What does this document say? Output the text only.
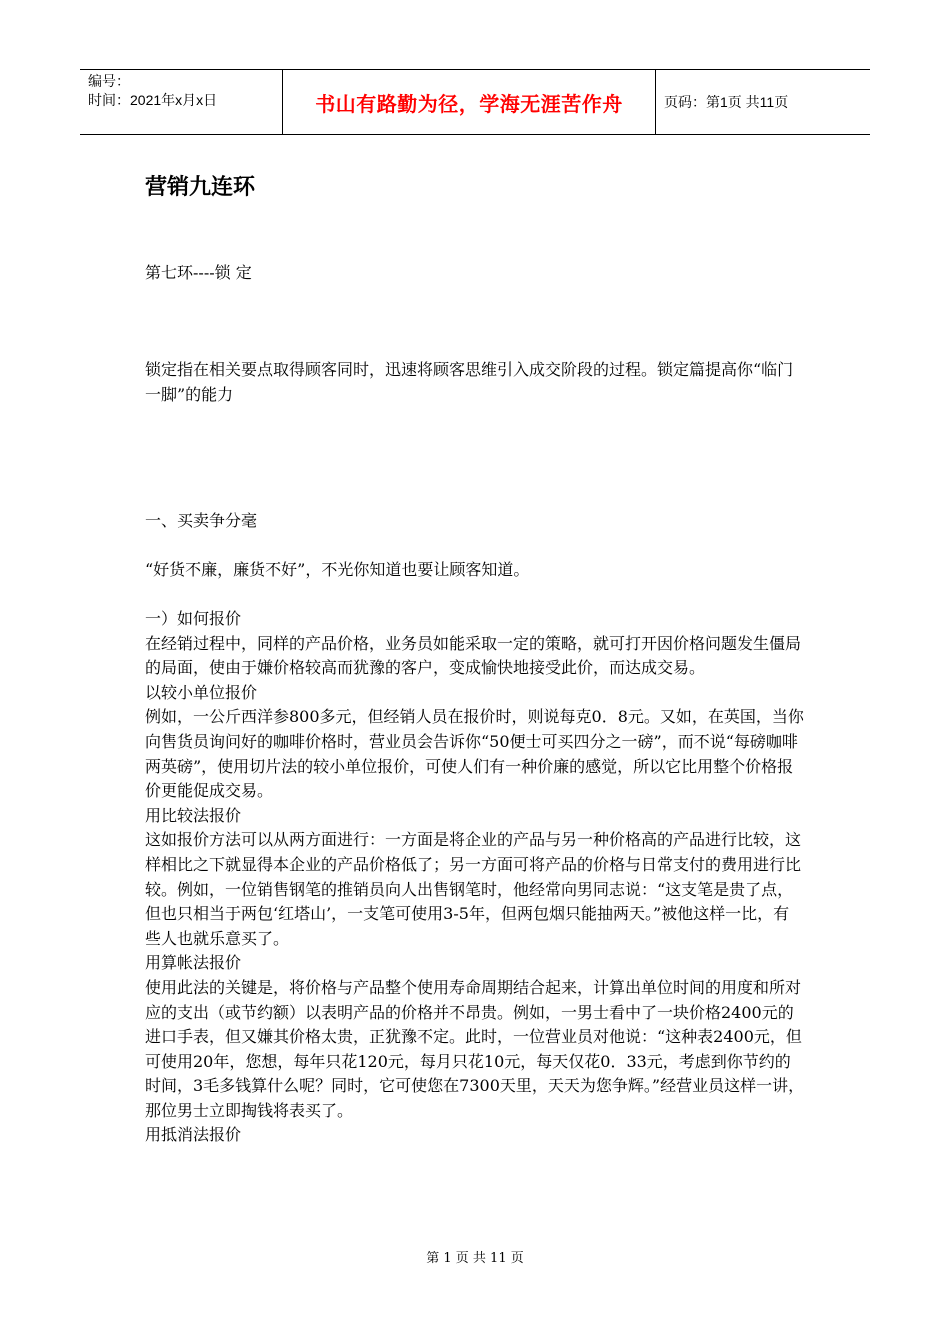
编号：
时间：2021年x月x日	书山有路勤为径，学海无涯苦作舟	页码：第1页 共11页
营销九连环
第七环----锁 定
锁定指在相关要点取得顾客同时，迅速将顾客思维引入成交阶段的过程。锁定篇提高你“临门一脚”的能力
一、买卖争分毫
“好货不廉，廉货不好”，不光你知道也要让顾客知道。
一）如何报价
在经销过程中，同样的产品价格，业务员如能采取一定的策略，就可打开因价格问题发生僵局的局面，使由于嫌价格较高而犹豫的客户，变成愉快地接受此价，而达成交易。
以较小单位报价
例如，一公斤西洋参800多元，但经销人员在报价时，则说每克0．8元。又如，在英国，当你向售货员询问好的咖啡价格时，营业员会告诉你“50便士可买四分之一磅”，而不说“每磅咖啡两英磅”，使用切片法的较小单位报价，可使人们有一种价廉的感觉，所以它比用整个价格报价更能促成交易。
用比较法报价
这如报价方法可以从两方面进行：一方面是将企业的产品与另一种价格高的产品进行比较，这样相比之下就显得本企业的产品价格低了；另一方面可将产品的价格与日常支付的费用进行比较。例如，一位销售钢笔的推销员向人出售钢笔时，他经常向男同志说：“这支笔是贵了点，但也只相当于两包‘红塔山’，一支笔可使用3-5年，但两包烟只能抽两天。”被他这样一比，有些人也就乐意买了。
用算帐法报价
使用此法的关键是，将价格与产品整个使用寿命周期结合起来，计算出单位时间的用度和所对应的支出（或节约额）以表明产品的价格并不昂贵。例如，一男士看中了一块价格2400元的进口手表，但又嫌其价格太贵，正犹豫不定。此时，一位营业员对他说：“这种表2400元，但可使用20年，您想，每年只花120元，每月只花10元，每天仅花0．33元，考虑到你节约的时间，3毛多钱算什么呢？同时，它可使您在7300天里，天天为您争辉。”经营业员这样一讲，那位男士立即掏钱将表买了。
用抵消法报价
第 1 页 共 11 页
